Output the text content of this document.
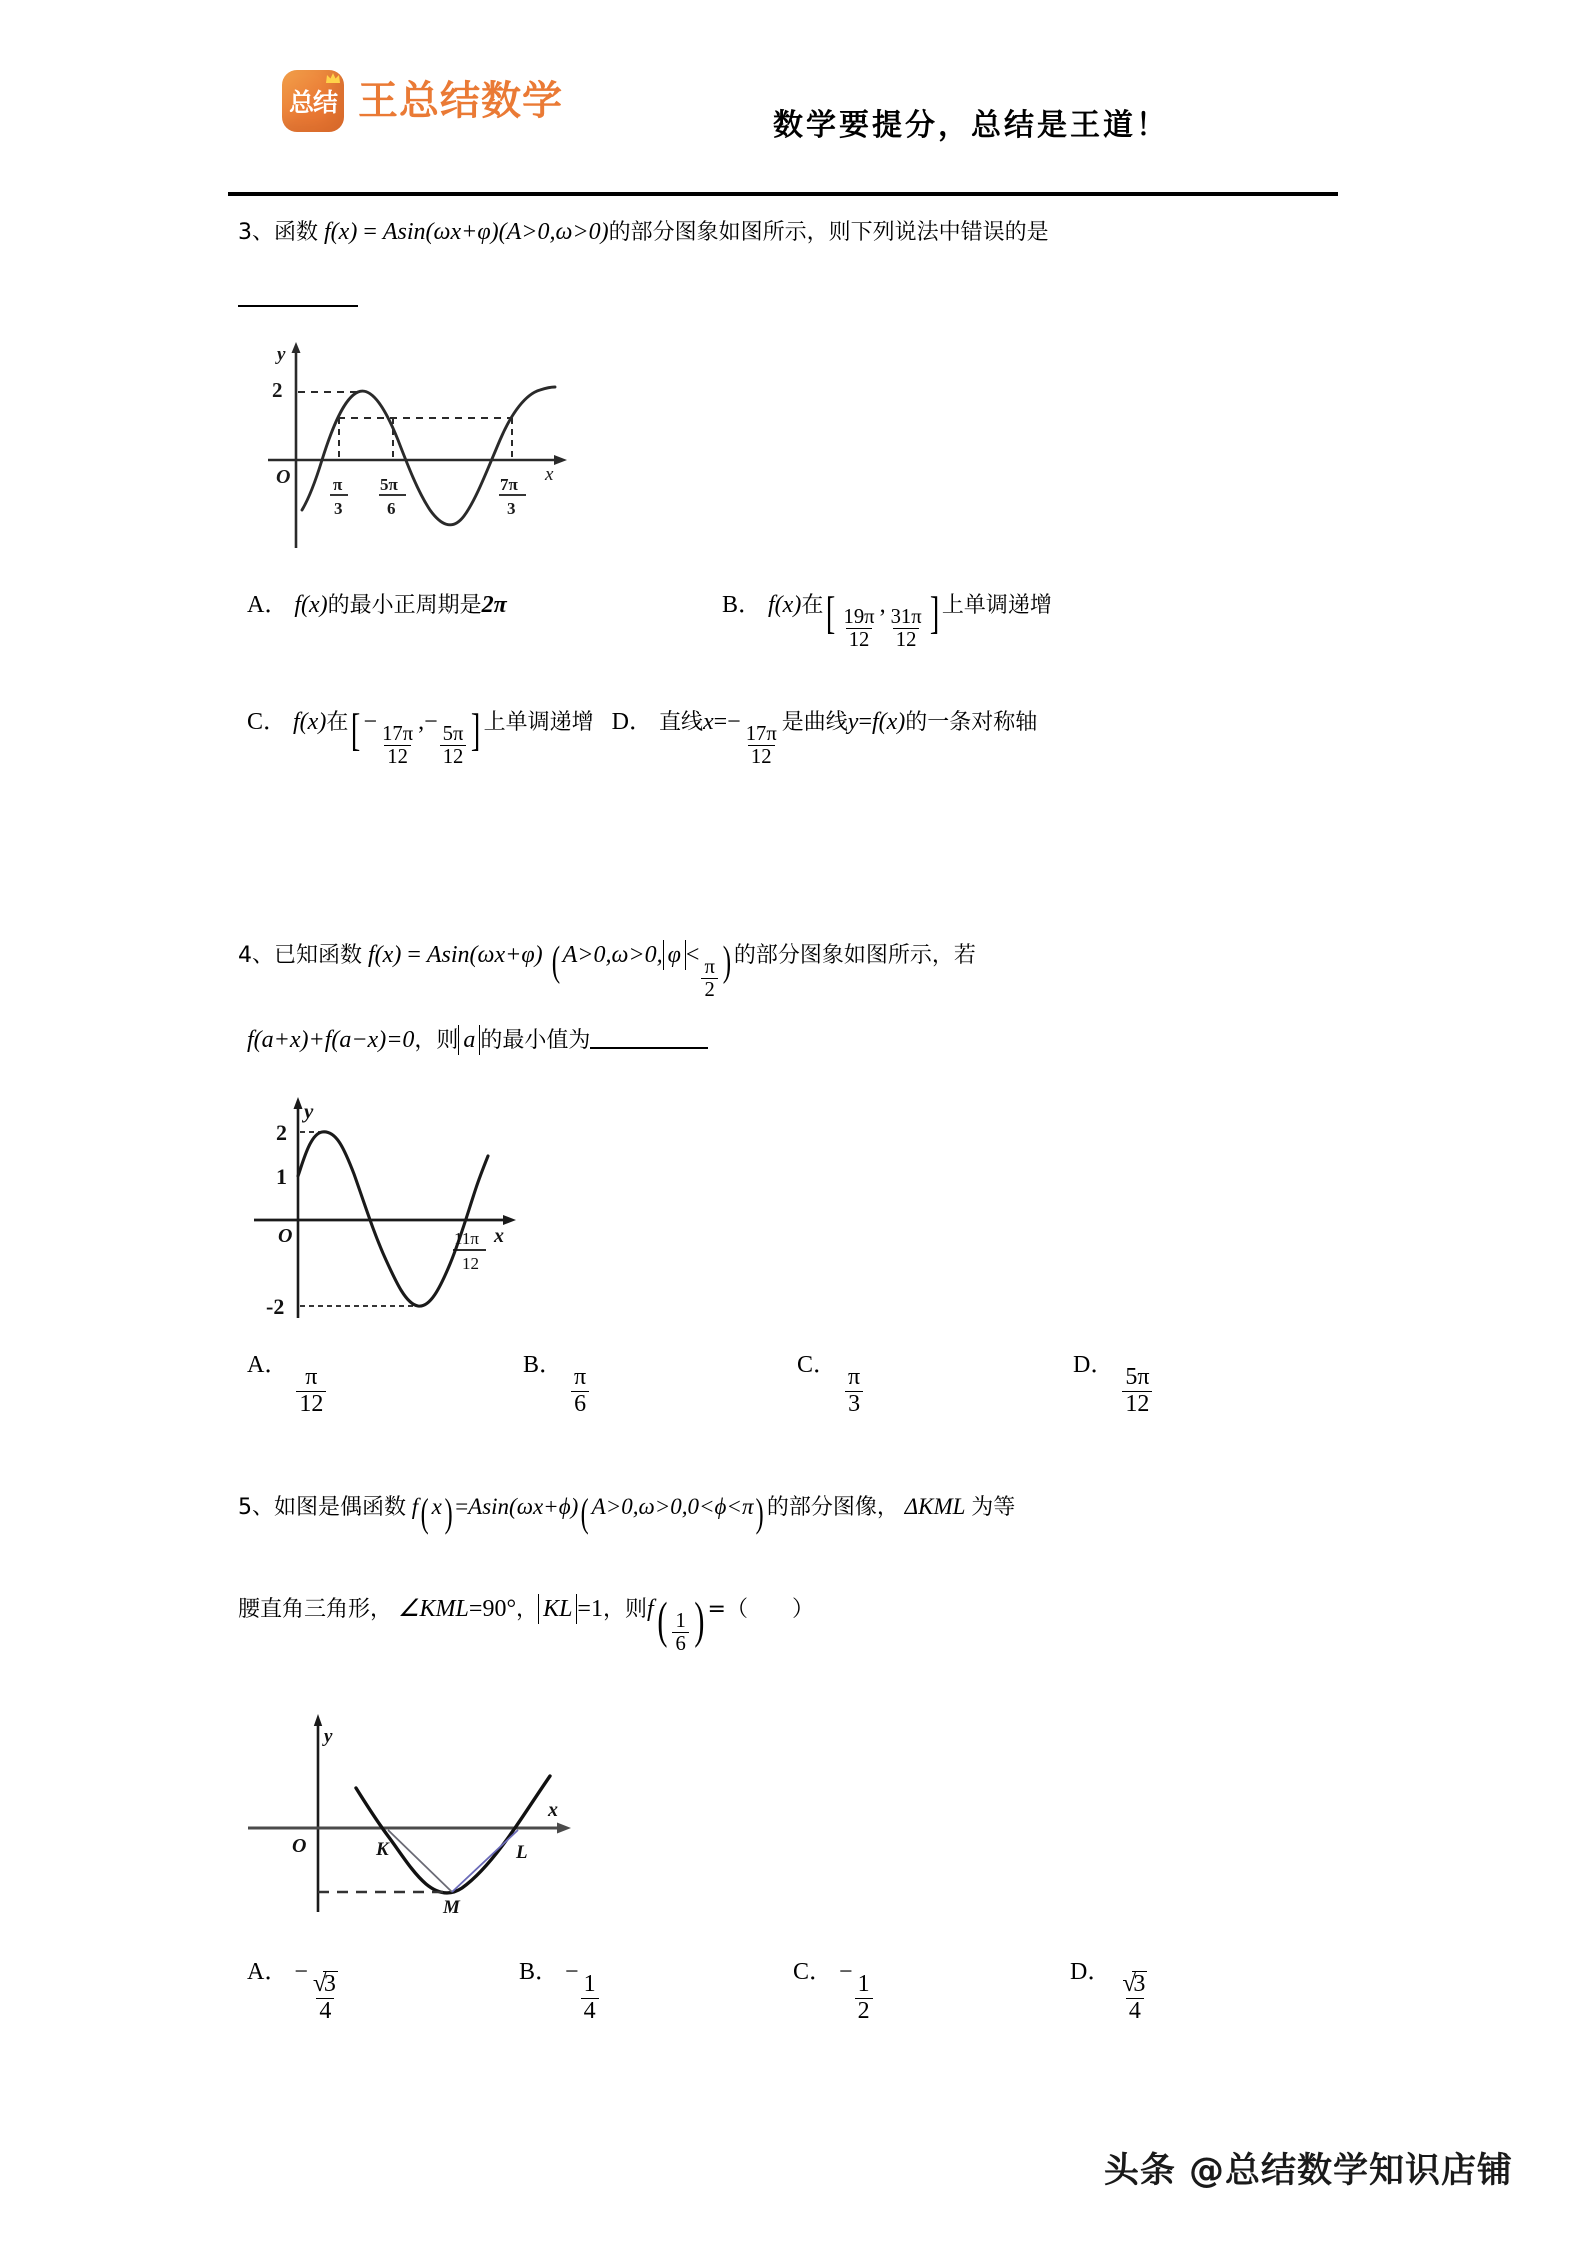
总结 王总结数学
数学要提分，总结是王道！
3、函数 f(x) = Asin(ωx+φ)(A>0,ω>0)的部分图象如图所示，则下列说法中错误的是
2
O
y
x
π
3
5π
6
7π
3
A． f(x)的最小正周期是2π	B． f(x)在[ $\frac{19\pi}{12}$
,
$\frac{31\pi}{12}$ ] 上单调递增
C． f(x)在[ −
$\frac{17\pi}{12}$
,−
$\frac{5\pi}{12}$ ] 上单调递增 D． 直线x=−
$\frac{17\pi}{12}$
是曲线y=f(x)的一条对称轴
4、已知函数 f(x) = Asin(ωx+φ) ( A>0,ω>0, φ <
$\frac{\pi}{2}$ ) 的部分图象如图所示，若
f(a+x)+f(a−x)=0，则 a 的最小值为
2
1
-2
O
y
x
11π
12
A．
$\frac{\pi}{12}$
B．
$\frac{\pi}{6}$
C．
$\frac{\pi}{3}$
D．
$\frac{5\pi}{12}$
5、如图是偶函数 f( x) =Asin(ωx+ϕ)( A>0,ω>0,0<ϕ<π) 的部分图像， ΔKML 为等
腰直角三角形， ∠KML=90°， KL =1，则$f( \frac{1}{6}$ ) =（ ）
O
y
x
K	L
M
A． − √ $\frac{3}{4}$	B． −
$\frac{1}{4}$
C． −
$\frac{1}{2}$
D． √ $\frac{3}{4}$
头条 @总结数学知识店铺
